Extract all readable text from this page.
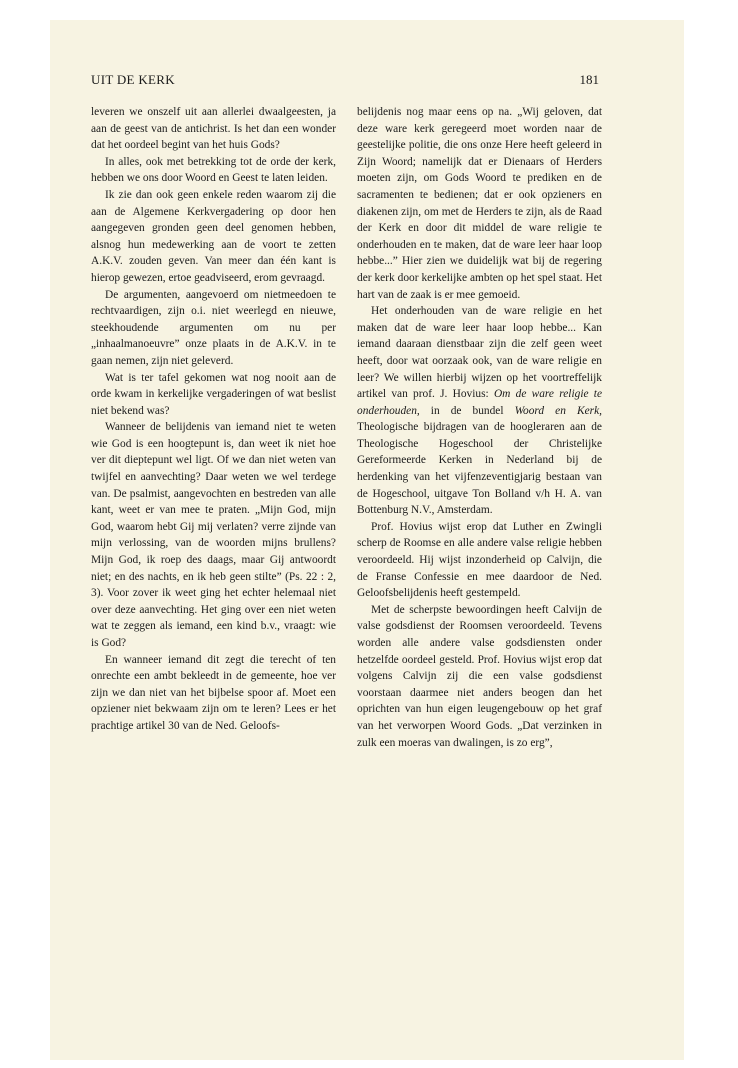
UIT DE KERK	181

leveren we onszelf uit aan allerlei dwaalgeesten, ja aan de geest van de antichrist. Is het dan een wonder dat het oordeel begint van het huis Gods?

In alles, ook met betrekking tot de orde der kerk, hebben we ons door Woord en Geest te laten leiden.

Ik zie dan ook geen enkele reden waarom zij die aan de Algemene Kerkvergadering op door hen aangegeven gronden geen deel genomen hebben, alsnog hun medewerking aan de voort te zetten A.K.V. zouden geven. Van meer dan één kant is hierop gewezen, ertoe geadviseerd, erom gevraagd.

De argumenten, aangevoerd om nietmeedoen te rechtvaardigen, zijn o.i. niet weerlegd en nieuwe, steekhoudende argumenten om nu per „inhaalmanoeuvre” onze plaats in de A.K.V. in te gaan nemen, zijn niet geleverd.

Wat is ter tafel gekomen wat nog nooit aan de orde kwam in kerkelijke vergaderingen of wat beslist niet bekend was?

Wanneer de belijdenis van iemand niet te weten wie God is een hoogtepunt is, dan weet ik niet hoe ver dit dieptepunt wel ligt. Of we dan niet weten van twijfel en aanvechting? Daar weten we wel terdege van. De psalmist, aangevochten en bestreden van alle kant, weet er van mee te praten. „Mijn God, mijn God, waarom hebt Gij mij verlaten? verre zijnde van mijn verlossing, van de woorden mijns brullens? Mijn God, ik roep des daags, maar Gij antwoordt niet; en des nachts, en ik heb geen stilte” (Ps. 22 : 2, 3). Voor zover ik weet ging het echter helemaal niet over deze aanvechting. Het ging over een niet weten wat te zeggen als iemand, een kind b.v., vraagt: wie is God?

En wanneer iemand dit zegt die terecht of ten onrechte een ambt bekleedt in de gemeente, hoe ver zijn we dan niet van het bijbelse spoor af. Moet een opziener niet bekwaam zijn om te leren? Lees er het prachtige artikel 30 van de Ned. Geloofs-

belijdenis nog maar eens op na. „Wij geloven, dat deze ware kerk geregeerd moet worden naar de geestelijke politie, die ons onze Here heeft geleerd in Zijn Woord; namelijk dat er Dienaars of Herders moeten zijn, om Gods Woord te prediken en de sacramenten te bedienen; dat er ook opzieners en diakenen zijn, om met de Herders te zijn, als de Raad der Kerk en door dit middel de ware religie te onderhouden en te maken, dat de ware leer haar loop hebbe...” Hier zien we duidelijk wat bij de regering der kerk door kerkelijke ambten op het spel staat. Het hart van de zaak is er mee gemoeid.

Het onderhouden van de ware religie en het maken dat de ware leer haar loop hebbe... Kan iemand daaraan dienstbaar zijn die zelf geen weet heeft, door wat oorzaak ook, van de ware religie en leer? We willen hierbij wijzen op het voortreffelijk artikel van prof. J. Hovius: Om de ware religie te onderhouden, in de bundel Woord en Kerk, Theologische bijdragen van de hoogleraren aan de Theologische Hogeschool der Christelijke Gereformeerde Kerken in Nederland bij de herdenking van het vijfenzeventigjarig bestaan van de Hogeschool, uitgave Ton Bolland v/h H. A. van Bottenburg N.V., Amsterdam.

Prof. Hovius wijst erop dat Luther en Zwingli scherp de Roomse en alle andere valse religie hebben veroordeeld. Hij wijst inzonderheid op Calvijn, die de Franse Confessie en mee daardoor de Ned. Geloofsbelijdenis heeft gestempeld.

Met de scherpste bewoordingen heeft Calvijn de valse godsdienst der Roomsen veroordeeld. Tevens worden alle andere valse godsdiensten onder hetzelfde oordeel gesteld. Prof. Hovius wijst erop dat volgens Calvijn zij die een valse godsdienst voorstaan daarmee niet anders beogen dan het oprichten van hun eigen leugengebouw op het graf van het verworpen Woord Gods. „Dat verzinken in zulk een moeras van dwalingen, is zo erg”,
